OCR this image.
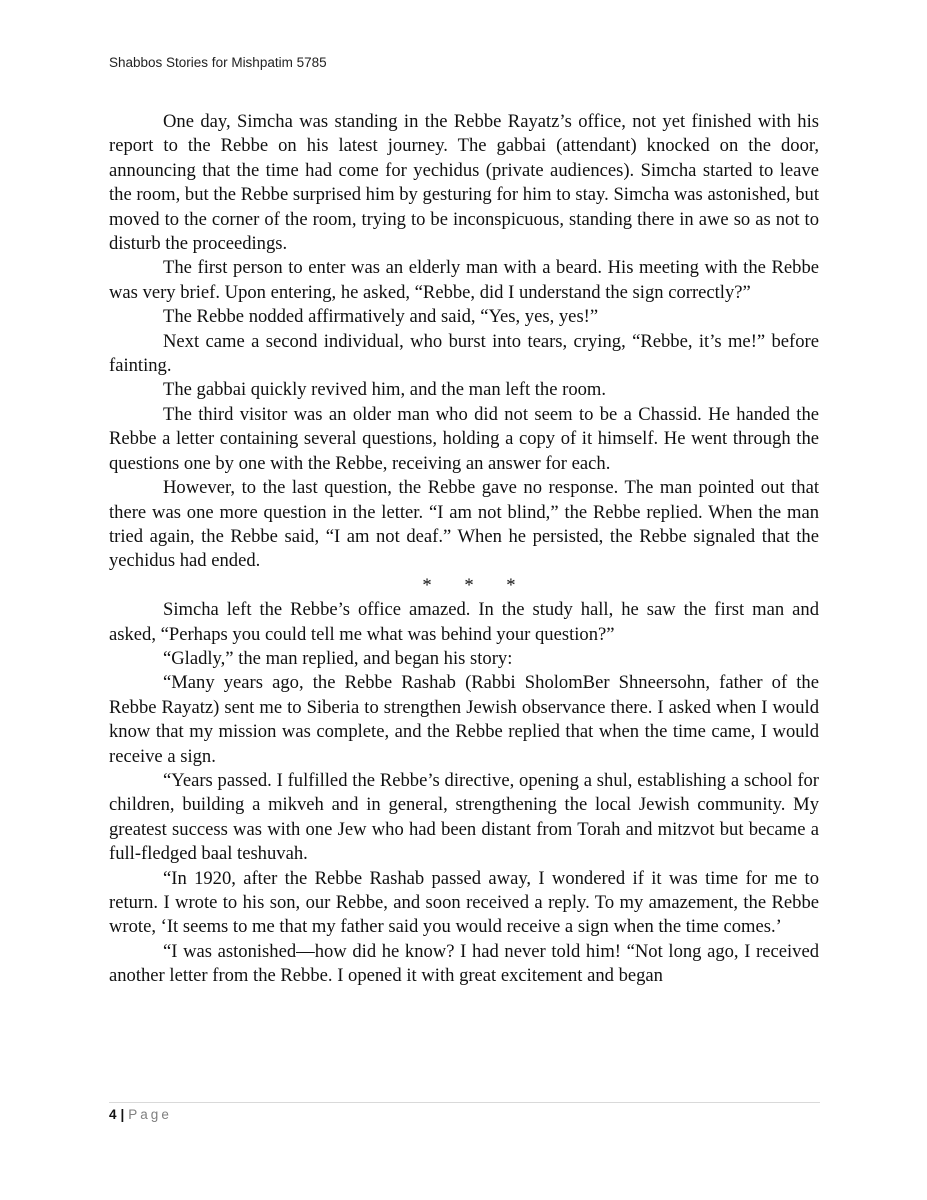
Shabbos Stories for Mishpatim 5785

One day, Simcha was standing in the Rebbe Rayatz’s office, not yet finished with his report to the Rebbe on his latest journey. The gabbai (attendant) knocked on the door, announcing that the time had come for yechidus (private audiences). Simcha started to leave the room, but the Rebbe surprised him by gesturing for him to stay. Simcha was astonished, but moved to the corner of the room, trying to be inconspicuous, standing there in awe so as not to disturb the proceedings.

The first person to enter was an elderly man with a beard. His meeting with the Rebbe was very brief. Upon entering, he asked, “Rebbe, did I understand the sign correctly?”

The Rebbe nodded affirmatively and said, “Yes, yes, yes!”

Next came a second individual, who burst into tears, crying, “Rebbe, it’s me!” before fainting.

The gabbai quickly revived him, and the man left the room.

The third visitor was an older man who did not seem to be a Chassid. He handed the Rebbe a letter containing several questions, holding a copy of it himself. He went through the questions one by one with the Rebbe, receiving an answer for each.

However, to the last question, the Rebbe gave no response. The man pointed out that there was one more question in the letter. “I am not blind,” the Rebbe replied. When the man tried again, the Rebbe said, “I am not deaf.” When he persisted, the Rebbe signaled that the yechidus had ended.

* * *

Simcha left the Rebbe’s office amazed. In the study hall, he saw the first man and asked, “Perhaps you could tell me what was behind your question?”

“Gladly,” the man replied, and began his story:

“Many years ago, the Rebbe Rashab (Rabbi SholomBer Shneersohn, father of the Rebbe Rayatz) sent me to Siberia to strengthen Jewish observance there. I asked when I would know that my mission was complete, and the Rebbe replied that when the time came, I would receive a sign.

“Years passed. I fulfilled the Rebbe’s directive, opening a shul, establishing a school for children, building a mikveh and in general, strengthening the local Jewish community. My greatest success was with one Jew who had been distant from Torah and mitzvot but became a full-fledged baal teshuvah.

“In 1920, after the Rebbe Rashab passed away, I wondered if it was time for me to return. I wrote to his son, our Rebbe, and soon received a reply. To my amazement, the Rebbe wrote, ‘It seems to me that my father said you would receive a sign when the time comes.’

“I was astonished—how did he know? I had never told him! “Not long ago, I received another letter from the Rebbe. I opened it with great excitement and began

4 | Page
